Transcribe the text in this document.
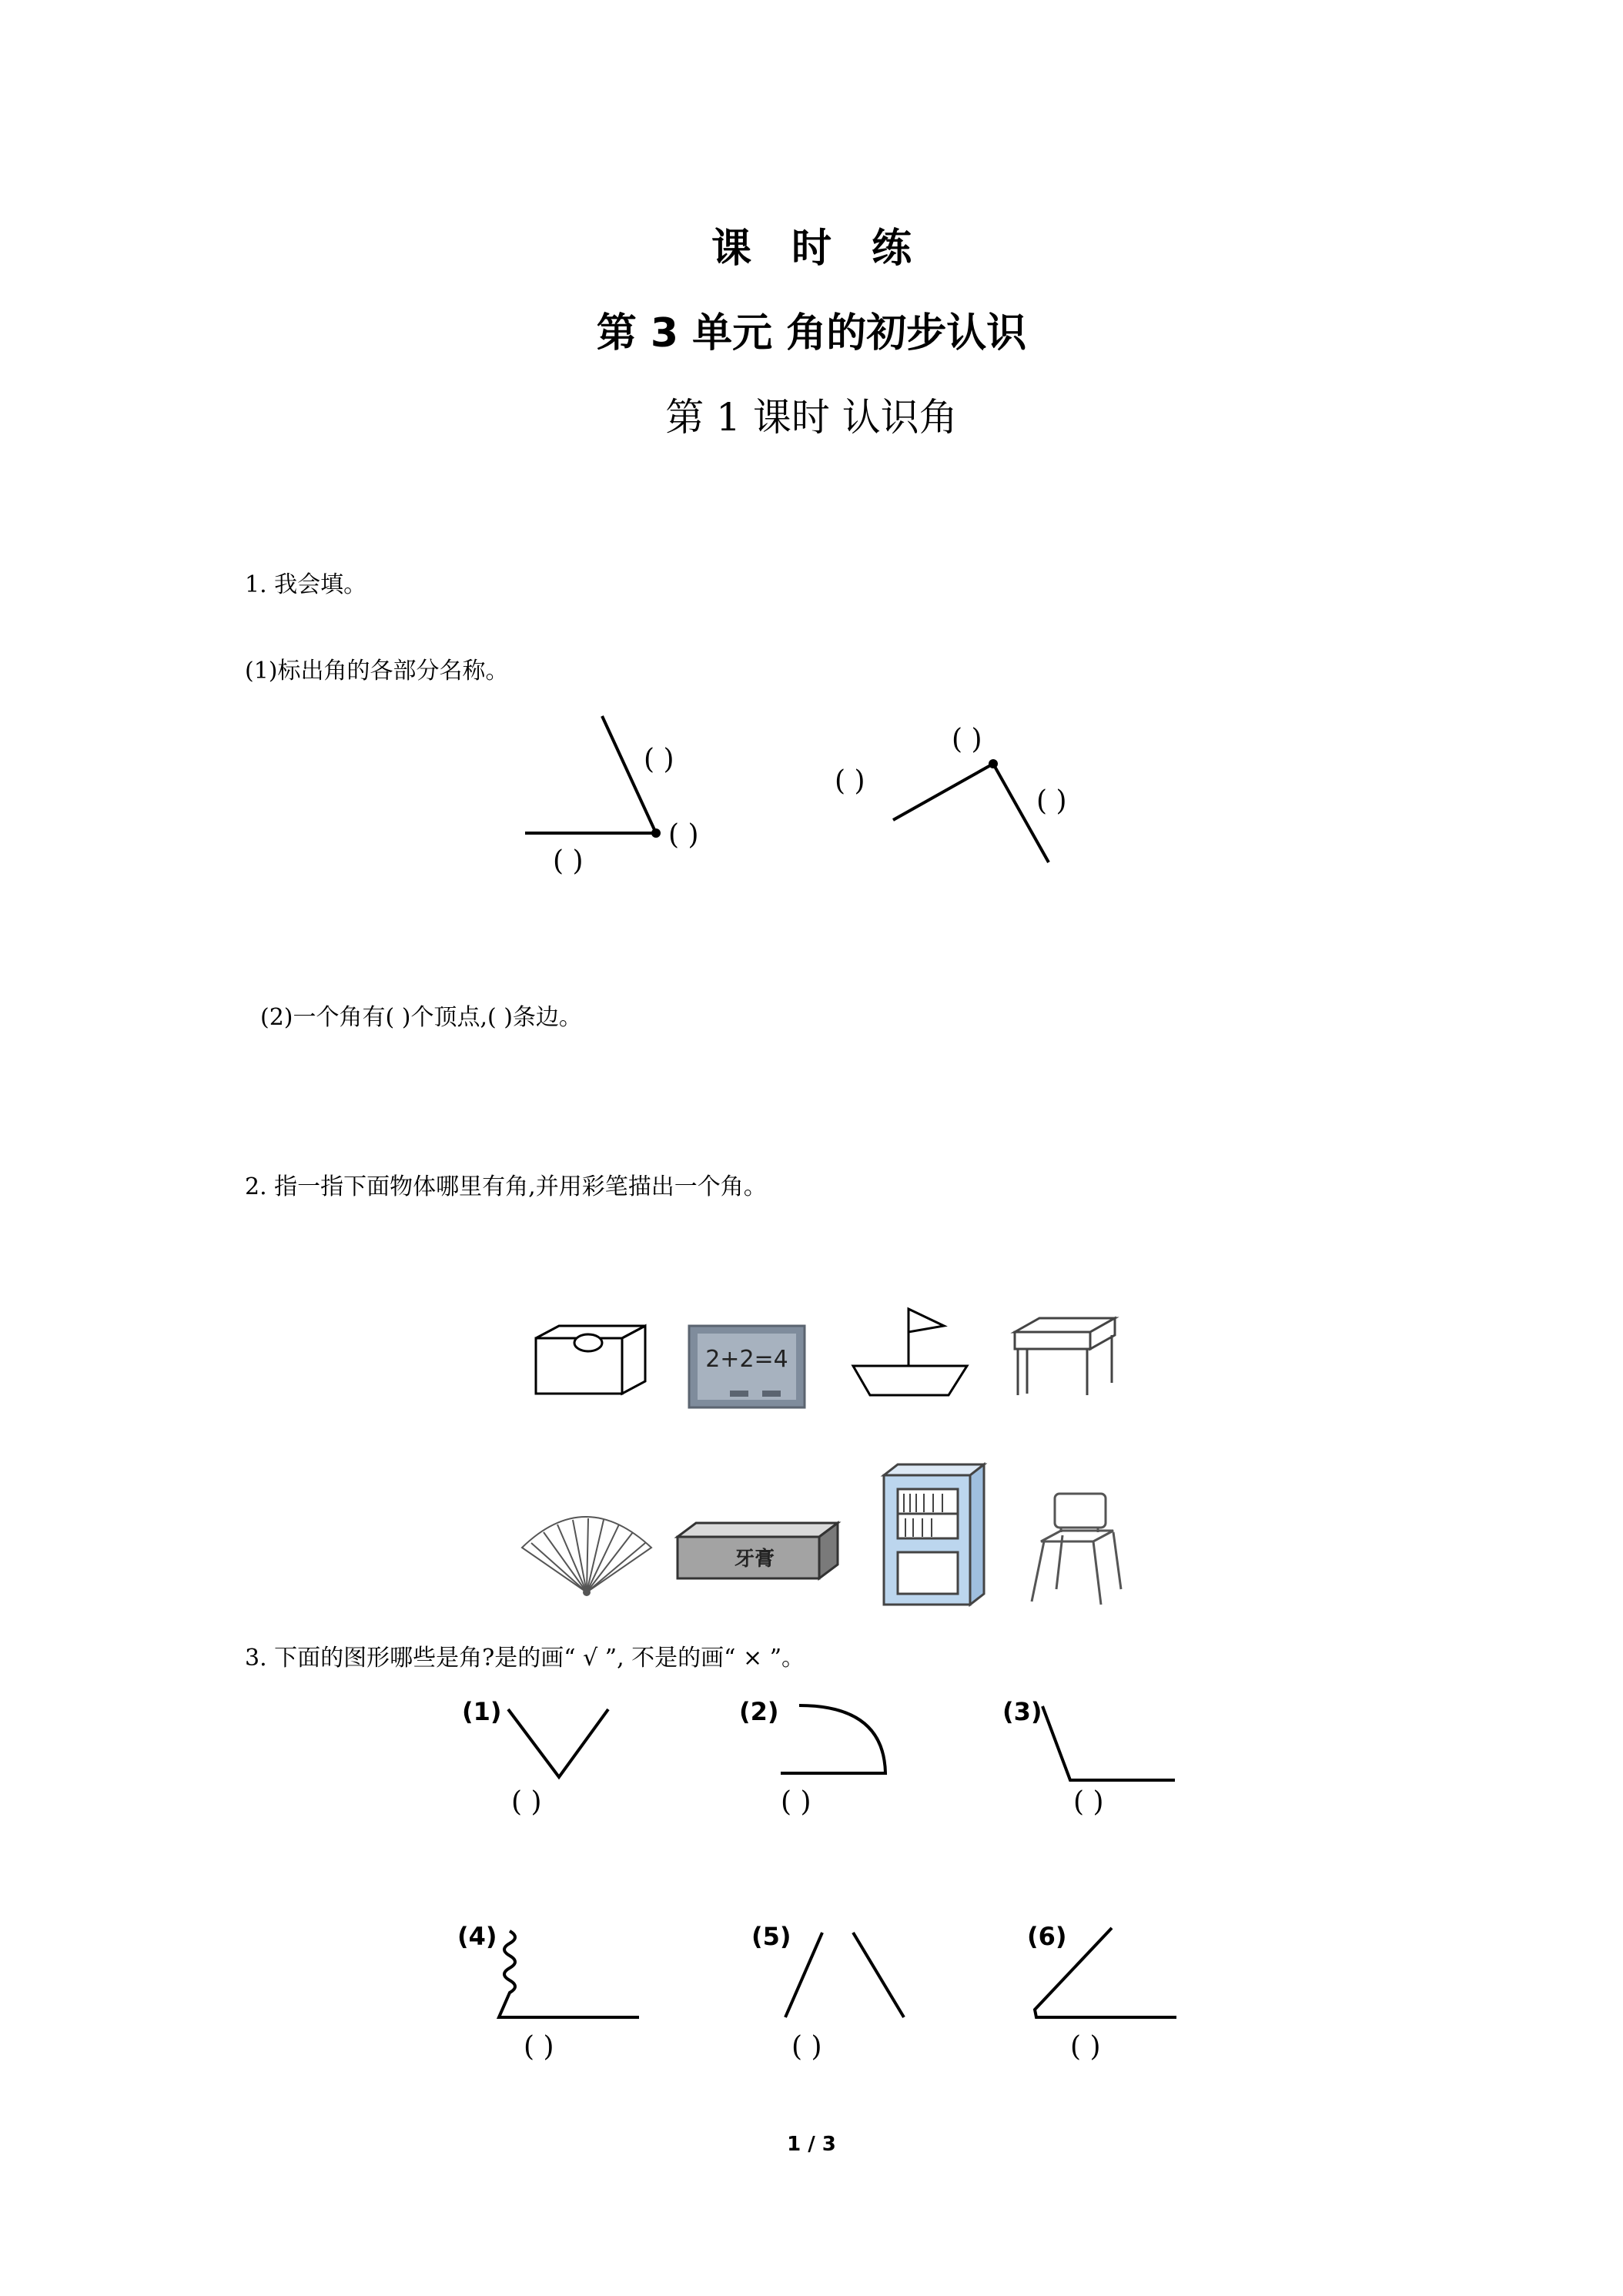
课时练
第 3 单元 角的初步认识
第 1 课时 认识角
1. 我会填。
(1)标出角的各部分名称。
( )
( )
( )
( )
( )
( )
(2)一个角有( )个顶点,( )条边。
2. 指一指下面物体哪里有角,并用彩笔描出一个角。
2+2=4
牙膏
3. 下面的图形哪些是角?是的画“ √ ”, 不是的画“ × ”。
(1)	(2)	(3)
(4)	(5)	(6)
( )	( )	( )
( )	( )	( )
1 / 3
